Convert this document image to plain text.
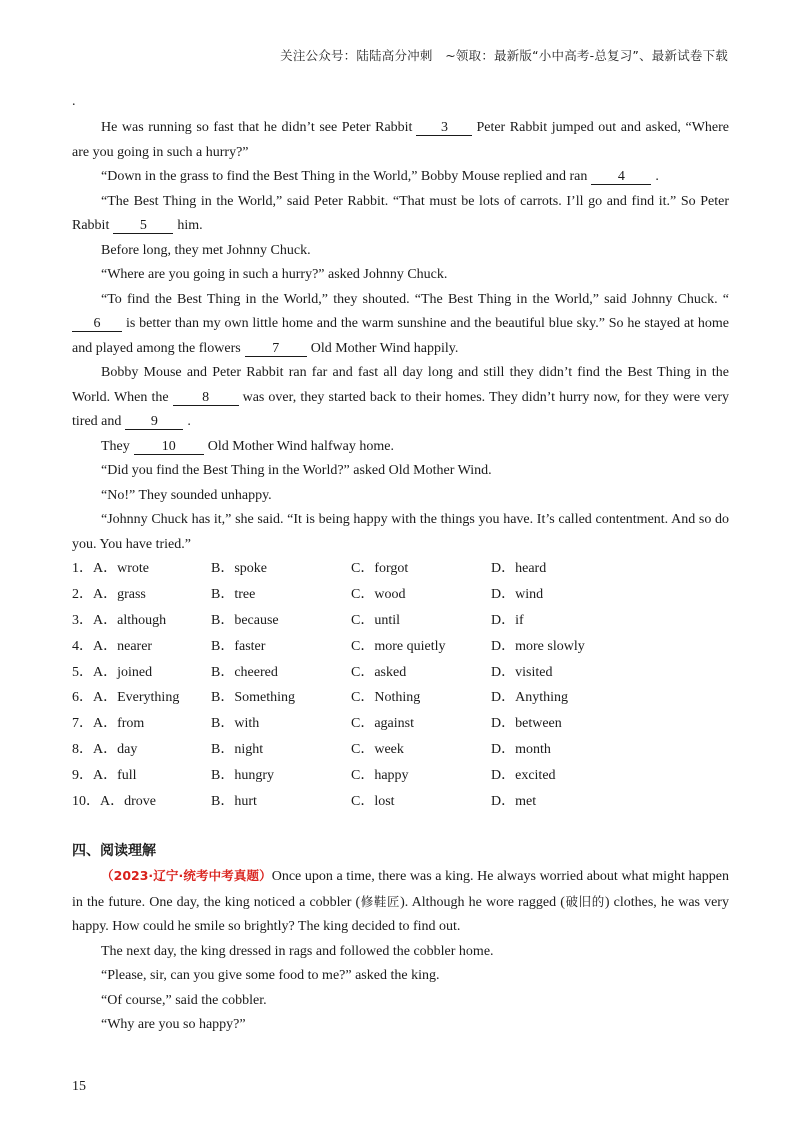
关注公众号：陆陆高分冲刺　~领取：最新版“小中高考-总复习”、最新试卷下载
.

He was running so fast that he didn’t see Peter Rabbit 3 Peter Rabbit jumped out and asked, “Where are you going in such a hurry?”

“Down in the grass to find the Best Thing in the World,” Bobby Mouse replied and ran 4 .

“The Best Thing in the World,” said Peter Rabbit. “That must be lots of carrots. I’ll go and find it.” So Peter Rabbit 5 him.

Before long, they met Johnny Chuck.

“Where are you going in such a hurry?” asked Johnny Chuck.

“To find the Best Thing in the World,” they shouted. “The Best Thing in the World,” said Johnny Chuck. “6 is better than my own little home and the warm sunshine and the beautiful blue sky.” So he stayed at home and played among the flowers 7 Old Mother Wind happily.

Bobby Mouse and Peter Rabbit ran far and fast all day long and still they didn’t find the Best Thing in the World. When the 8 was over, they started back to their homes. They didn’t hurry now, for they were very tired and 9 .

They 10 Old Mother Wind halfway home.

“Did you find the Best Thing in the World?” asked Old Mother Wind.

“No!” They sounded unhappy.

“Johnny Chuck has it,” she said. “It is being happy with the things you have. It’s called contentment. And so do you. You have tried.”

1．A．wrote	B．spoke	C．forgot	D．heard
2．A．grass	B．tree	C．wood	D．wind
3．A．although	B．because	C．until	D．if
4．A．nearer	B．faster	C．more quietly	D．more slowly
5．A．joined	B．cheered	C．asked	D．visited
6．A．Everything B．Something	C．Nothing	D．Anything
7．A．from	B．with	C．against	D．between
8．A．day	B．night	C．week	D．month
9．A．full	B．hungry	C．happy	D．excited
10．A．drove	B．hurt	C．lost	D．met
四、阅读理解

（2023·辽宁·统考中考真题）Once upon a time, there was a king. He always worried about what might happen in the future. One day, the king noticed a cobbler (修鞋匠). Although he wore ragged (破旧的) clothes, he was very happy. How could he smile so brightly? The king decided to find out.

The next day, the king dressed in rags and followed the cobbler home.

“Please, sir, can you give some food to me?” asked the king.

“Of course,” said the cobbler.

“Why are you so happy?”

15
